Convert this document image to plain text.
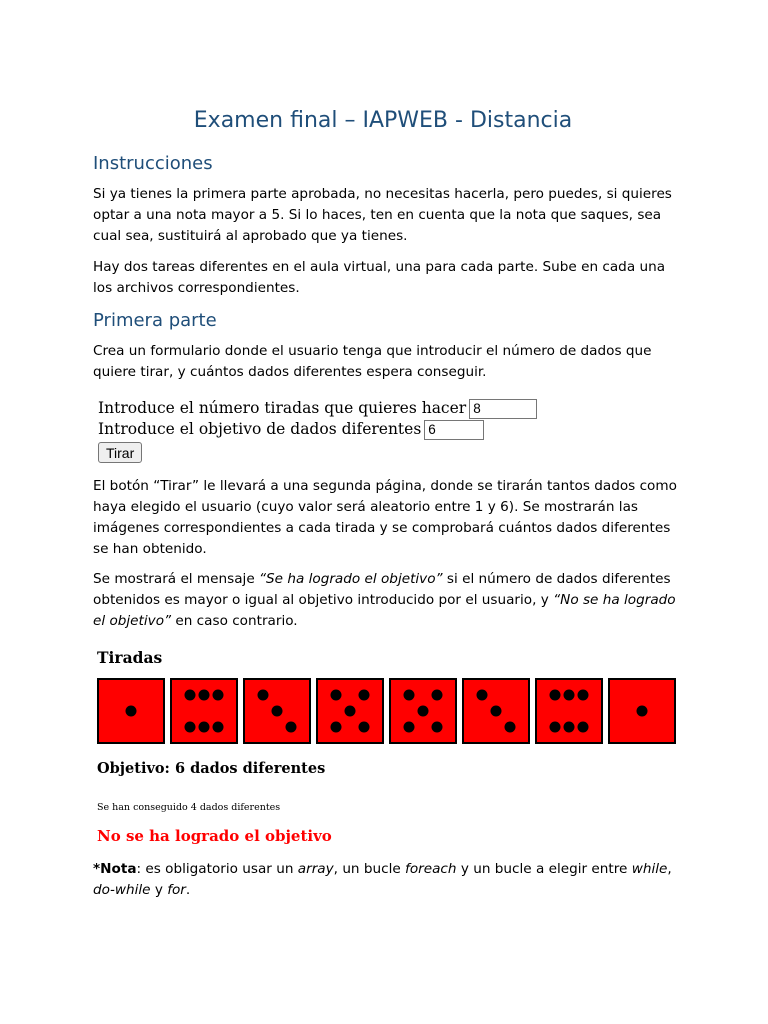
Examen final – IAPWEB - Distancia
Instrucciones

Si ya tienes la primera parte aprobada, no necesitas hacerla, pero puedes, si quieres optar a una nota mayor a 5. Si lo haces, ten en cuenta que la nota que saques, sea cual sea, sustituirá al aprobado que ya tienes.

Hay dos tareas diferentes en el aula virtual, una para cada parte. Sube en cada una los archivos correspondientes.

Primera parte

Crea un formulario donde el usuario tenga que introducir el número de dados que quiere tirar, y cuántos dados diferentes espera conseguir.

Introduce el número tiradas que quieres hacer
8
Introduce el objetivo de dados diferentes
6
Tirar

El botón “Tirar” le llevará a una segunda página, donde se tirarán tantos dados como haya elegido el usuario (cuyo valor será aleatorio entre 1 y 6). Se mostrarán las imágenes correspondientes a cada tirada y se comprobará cuántos dados diferentes se han obtenido.

Se mostrará el mensaje “Se ha logrado el objetivo” si el número de dados diferentes obtenidos es mayor o igual al objetivo introducido por el usuario, y “No se ha logrado el objetivo” en caso contrario.

Tiradas
Objetivo: 6 dados diferentes
Se han conseguido 4 dados diferentes
No se ha logrado el objetivo

*Nota: es obligatorio usar un array, un bucle foreach y un bucle a elegir entre while, do-while y for.
